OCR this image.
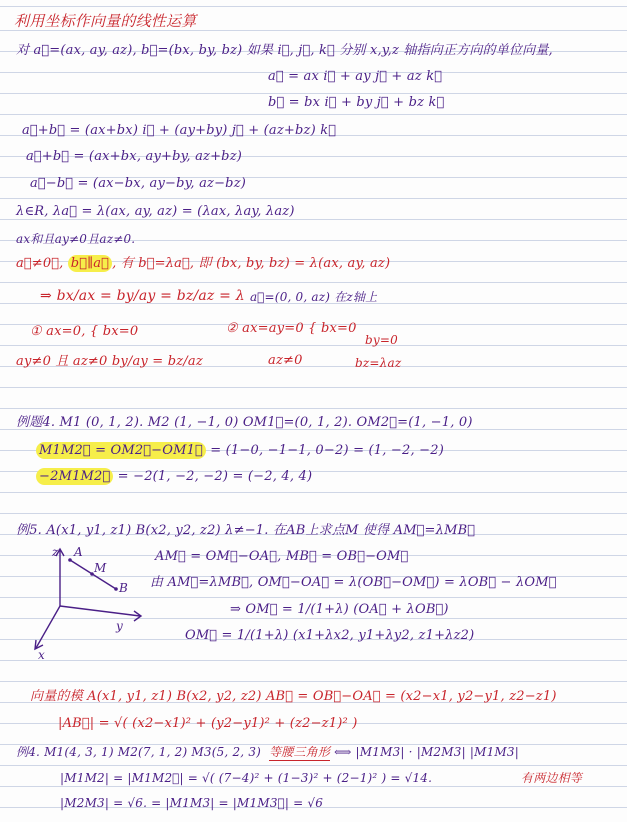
利用坐标作向量的线性运算
对 a⃗=(ax, ay, az), b⃗=(bx, by, bz) 如果 i⃗, j⃗, k⃗ 分别 x,y,z 轴指向正方向的单位向量,
a⃗ = ax i⃗ + ay j⃗ + az k⃗
b⃗ = bx i⃗ + by j⃗ + bz k⃗
a⃗+b⃗ = (ax+bx) i⃗ + (ay+by) j⃗ + (az+bz) k⃗
a⃗+b⃗ = (ax+bx, ay+by, az+bz)
a⃗−b⃗ = (ax−bx, ay−by, az−bz)
λ∈R, λa⃗ = λ(ax, ay, az) = (λax, λay, λaz)
ax和且ay≠0且az≠0.
a⃗≠0⃗, b⃗∥a⃗ , 有 b⃗=λa⃗, 即 (bx, by, bz) = λ(ax, ay, az)
⇒ bx/ax = by/ay = bz/az = λ a⃗=(0, 0, az) 在z轴上
① ax=0, { bx=0
ay≠0 且 az≠0 by/ay = bz/az
② ax=ay=0 { bx=0
by=0
az≠0	bz=λaz
例题4. M1 (0, 1, 2). M2 (1, −1, 0) OM1⃗=(0, 1, 2). OM2⃗=(1, −1, 0)
M1M2⃗ = OM2⃗−OM1⃗ = (1−0, −1−1, 0−2) = (1, −2, −2)
−2M1M2⃗ = −2(1, −2, −2) = (−2, 4, 4)
例5. A(x1, y1, z1) B(x2, y2, z2) λ≠−1. 在AB上求点M 使得 AM⃗=λMB⃗
AM⃗ = OM⃗−OA⃗, MB⃗ = OB⃗−OM⃗
由 AM⃗=λMB⃗, OM⃗−OA⃗ = λ(OB⃗−OM⃗) = λOB⃗ − λOM⃗
⇒ OM⃗ = 1/(1+λ) (OA⃗ + λOB⃗)
OM⃗ = 1/(1+λ) (x1+λx2, y1+λy2, z1+λz2)
z A
M
B
y
x
向量的模 A(x1, y1, z1) B(x2, y2, z2) AB⃗ = OB⃗−OA⃗ = (x2−x1, y2−y1, z2−z1)
|AB⃗| = √( (x2−x1)² + (y2−y1)² + (z2−z1)² )
例4. M1(4, 3, 1) M2(7, 1, 2) M3(5, 2, 3) 等腰三角形 ⟺ |M1M3| · |M2M3| |M1M3|
|M1M2| = |M1M2⃗| = √( (7−4)² + (1−3)² + (2−1)² ) = √14.	有两边相等
|M2M3| = √6. = |M1M3| = |M1M3⃗| = √6
